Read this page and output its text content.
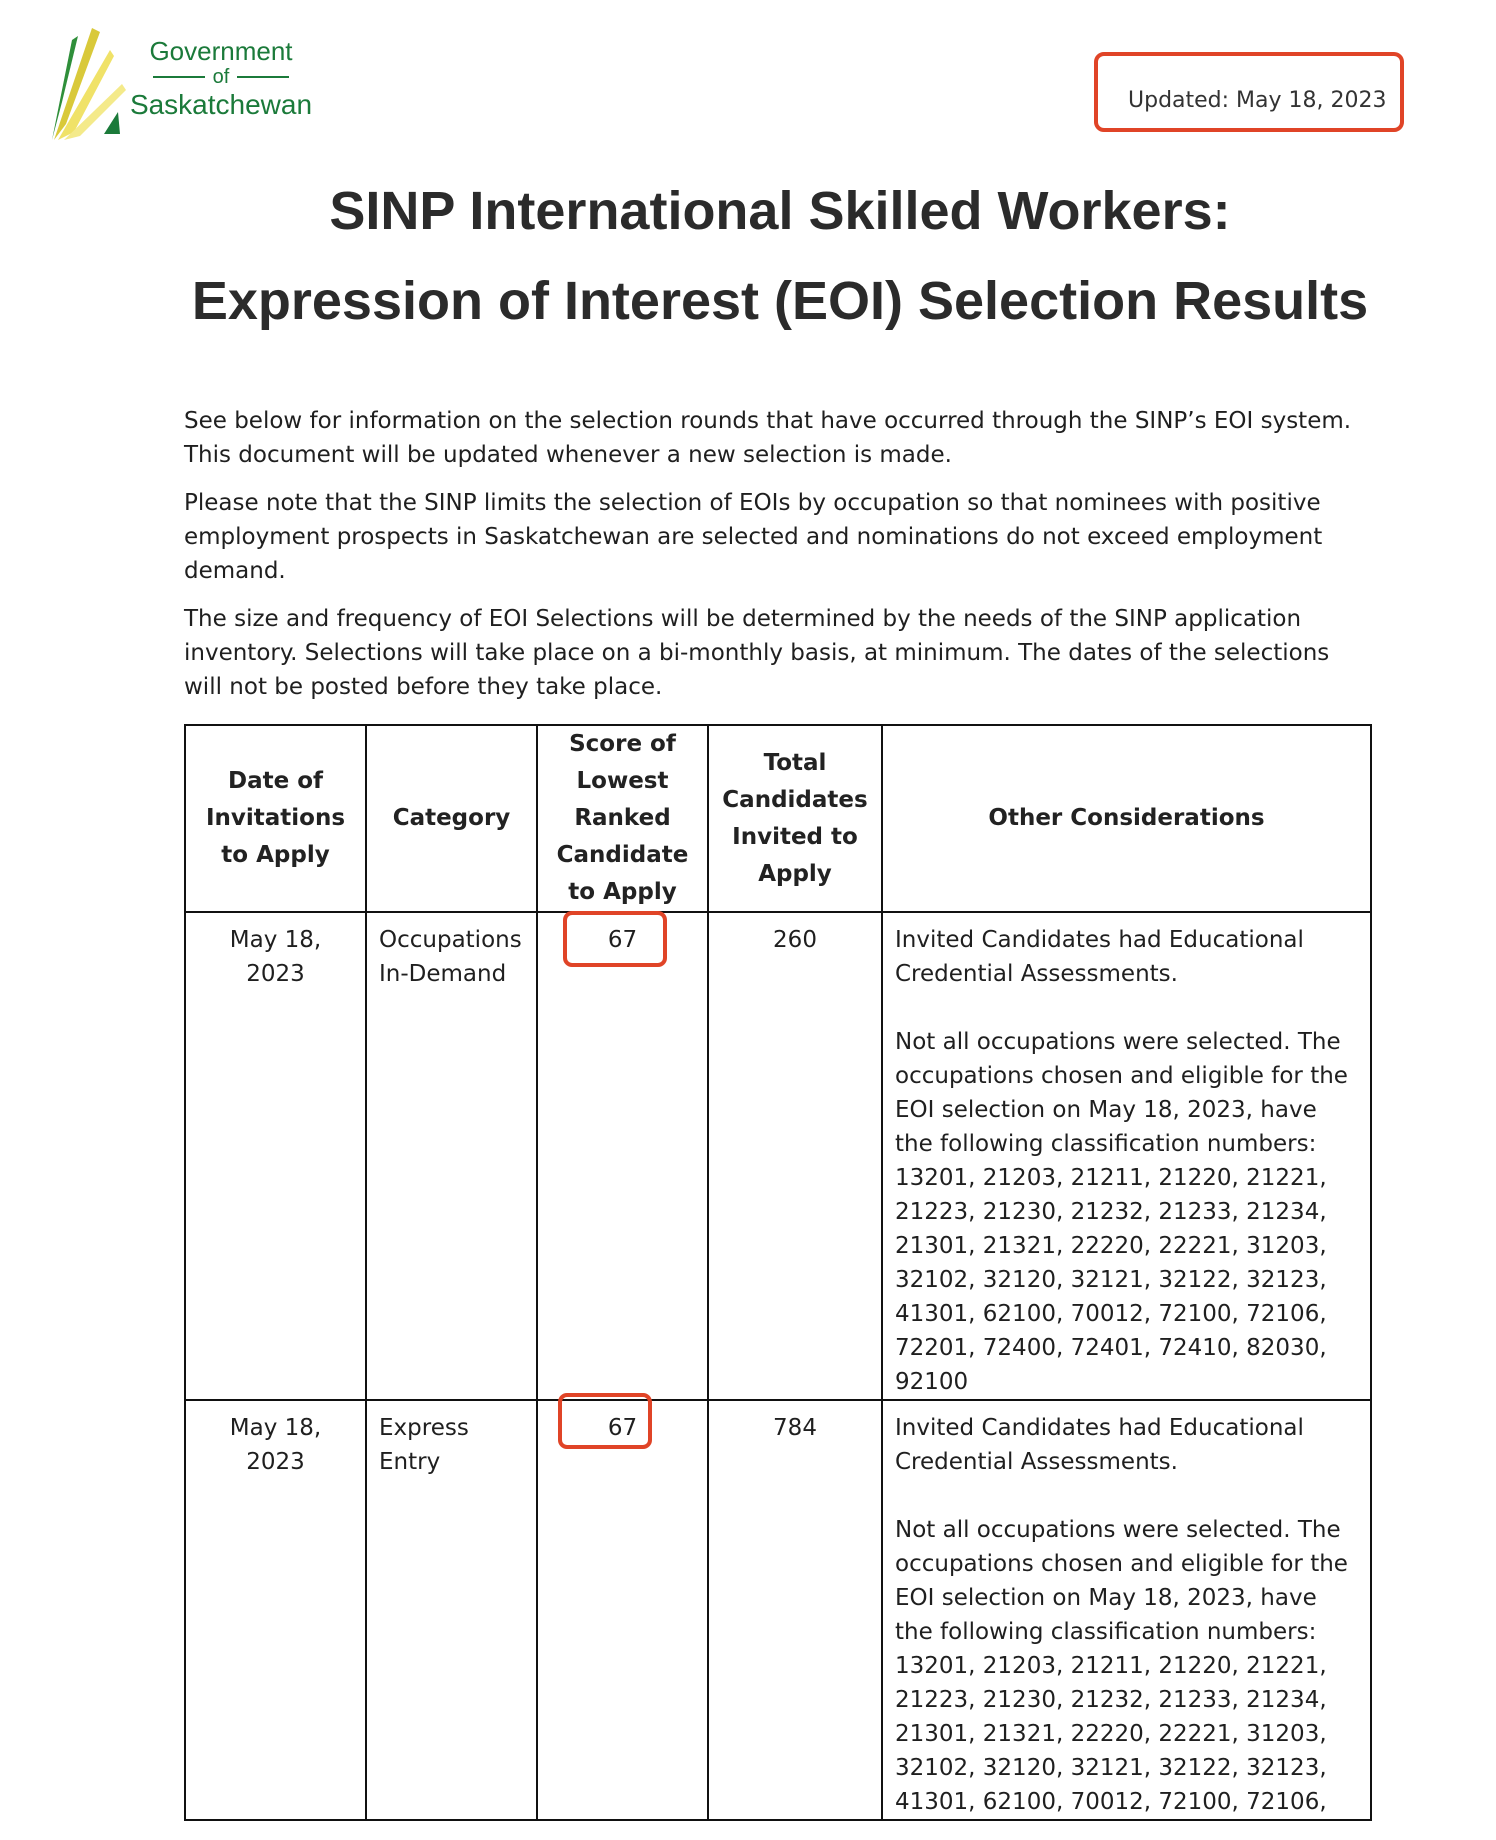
Government
of
Saskatchewan	Updated: May 18, 2023
SINP International Skilled Workers:
Expression of Interest (EOI) Selection Results

See below for information on the selection rounds that have occurred through the SINP’s EOI system. This document will be updated whenever a new selection is made.

Please note that the SINP limits the selection of EOIs by occupation so that nominees with positive employment prospects in Saskatchewan are selected and nominations do not exceed employment demand.

The size and frequency of EOI Selections will be determined by the needs of the SINP application inventory. Selections will take place on a bi-monthly basis, at minimum. The dates of the selections will not be posted before they take place.

Date of Invitations to Apply	Category	Score of Lowest Ranked Candidate to Apply	Total Candidates Invited to Apply	Other Considerations
May 18, 2023	Occupations In-Demand	67	260	Invited Candidates had Educational Credential Assessments.

Not all occupations were selected. The occupations chosen and eligible for the EOI selection on May 18, 2023, have the following classification numbers: 13201, 21203, 21211, 21220, 21221, 21223, 21230, 21232, 21233, 21234, 21301, 21321, 22220, 22221, 31203, 32102, 32120, 32121, 32122, 32123, 41301, 62100, 70012, 72100, 72106, 72201, 72400, 72401, 72410, 82030, 92100

May 18, 2023	Express Entry	67	784	Invited Candidates had Educational Credential Assessments.

Not all occupations were selected. The occupations chosen and eligible for the EOI selection on May 18, 2023, have the following classification numbers: 13201, 21203, 21211, 21220, 21221, 21223, 21230, 21232, 21233, 21234, 21301, 21321, 22220, 22221, 31203, 32102, 32120, 32121, 32122, 32123, 41301, 62100, 70012, 72100, 72106,
